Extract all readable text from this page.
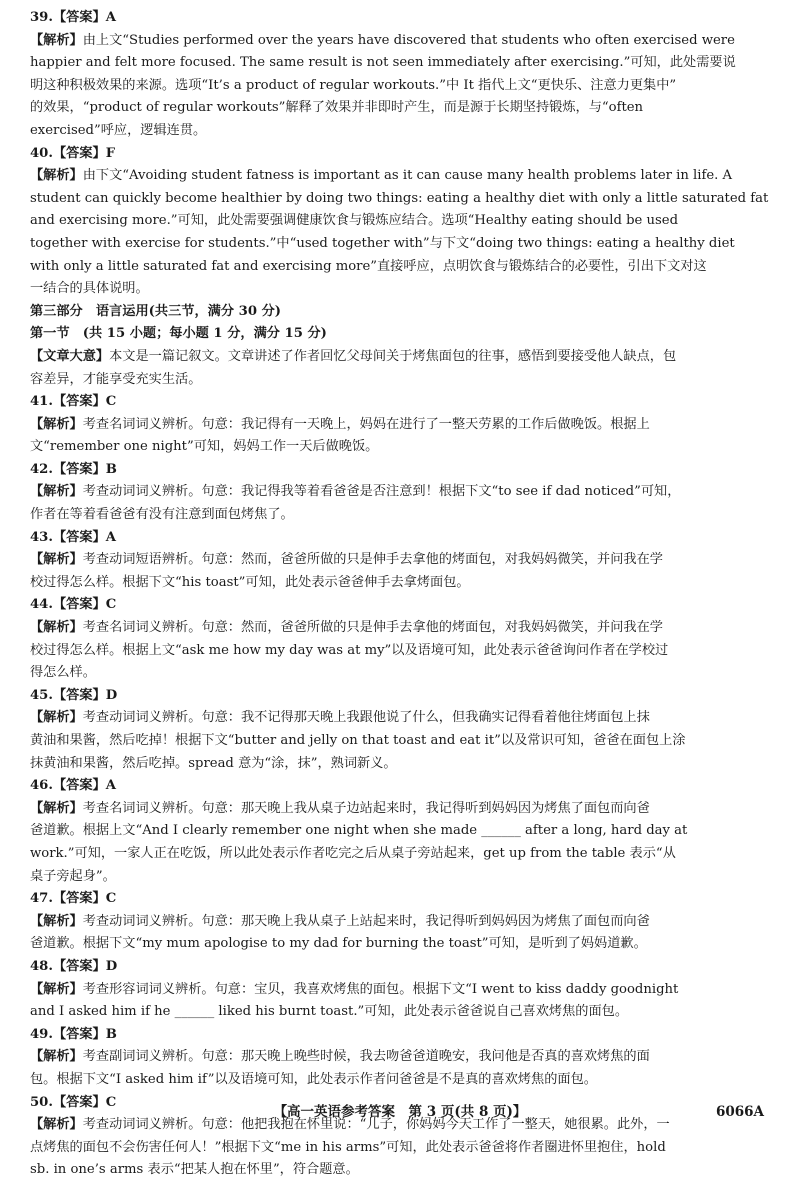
39.【答案】A
【解析】由上文“Studies performed over the years have discovered that students who often exercised were
happier and felt more focused. The same result is not seen immediately after exercising.”可知，此处需要说
明这种积极效果的来源。选项“It’s a product of regular workouts.”中 It 指代上文“更快乐、注意力更集中”
的效果，“product of regular workouts”解释了效果并非即时产生，而是源于长期坚持锻炼，与“often
exercised”呼应，逻辑连贯。
40.【答案】F
【解析】由下文“Avoiding student fatness is important as it can cause many health problems later in life. A
student can quickly become healthier by doing two things: eating a healthy diet with only a little saturated fat
and exercising more.”可知，此处需要强调健康饮食与锻炼应结合。选项“Healthy eating should be used
together with exercise for students.”中“used together with”与下文“doing two things: eating a healthy diet
with only a little saturated fat and exercising more”直接呼应，点明饮食与锻炼结合的必要性，引出下文对这
一结合的具体说明。
第三部分　语言运用(共三节，满分 30 分)
第一节　(共 15 小题；每小题 1 分，满分 15 分)
【文章大意】本文是一篇记叙文。文章讲述了作者回忆父母间关于烤焦面包的往事，感悟到要接受他人缺点，包
容差异，才能享受充实生活。
41.【答案】C
【解析】考查名词词义辨析。句意：我记得有一天晚上，妈妈在进行了一整天劳累的工作后做晚饭。根据上
文“remember one night”可知，妈妈工作一天后做晚饭。
42.【答案】B
【解析】考查动词词义辨析。句意：我记得我等着看爸爸是否注意到！根据下文“to see if dad noticed”可知，
作者在等着看爸爸有没有注意到面包烤焦了。
43.【答案】A
【解析】考查动词短语辨析。句意：然而，爸爸所做的只是伸手去拿他的烤面包，对我妈妈微笑，并问我在学
校过得怎么样。根据下文“his toast”可知，此处表示爸爸伸手去拿烤面包。
44.【答案】C
【解析】考查名词词义辨析。句意：然而，爸爸所做的只是伸手去拿他的烤面包，对我妈妈微笑，并问我在学
校过得怎么样。根据上文“ask me how my day was at my”以及语境可知，此处表示爸爸询问作者在学校过
得怎么样。
45.【答案】D
【解析】考查动词词义辨析。句意：我不记得那天晚上我跟他说了什么，但我确实记得看着他往烤面包上抹
黄油和果酱，然后吃掉！根据下文“butter and jelly on that toast and eat it”以及常识可知，爸爸在面包上涂
抹黄油和果酱，然后吃掉。spread 意为“涂，抹”，熟词新义。
46.【答案】A
【解析】考查名词词义辨析。句意：那天晚上我从桌子边站起来时，我记得听到妈妈因为烤焦了面包而向爸
爸道歉。根据上文“And I clearly remember one night when she made ______ after a long, hard day at
work.”可知，一家人正在吃饭，所以此处表示作者吃完之后从桌子旁站起来，get up from the table 表示“从
桌子旁起身”。
47.【答案】C
【解析】考查动词词义辨析。句意：那天晚上我从桌子上站起来时，我记得听到妈妈因为烤焦了面包而向爸
爸道歉。根据下文“my mum apologise to my dad for burning the toast”可知，是听到了妈妈道歉。
48.【答案】D
【解析】考查形容词词义辨析。句意：宝贝，我喜欢烤焦的面包。根据下文“I went to kiss daddy goodnight
and I asked him if he ______ liked his burnt toast.”可知，此处表示爸爸说自己喜欢烤焦的面包。
49.【答案】B
【解析】考查副词词义辨析。句意：那天晚上晚些时候，我去吻爸爸道晚安，我问他是否真的喜欢烤焦的面
包。根据下文“I asked him if”以及语境可知，此处表示作者问爸爸是不是真的喜欢烤焦的面包。
50.【答案】C
【解析】考查动词词义辨析。句意：他把我抱在怀里说：“儿子，你妈妈今天工作了一整天，她很累。此外，一
点烤焦的面包不会伤害任何人！”根据下文“me in his arms”可知，此处表示爸爸将作者圈进怀里抱住，hold
sb. in one’s arms 表示“把某人抱在怀里”，符合题意。
【高一英语参考答案　第 3 页(共 8 页)】	6066A
